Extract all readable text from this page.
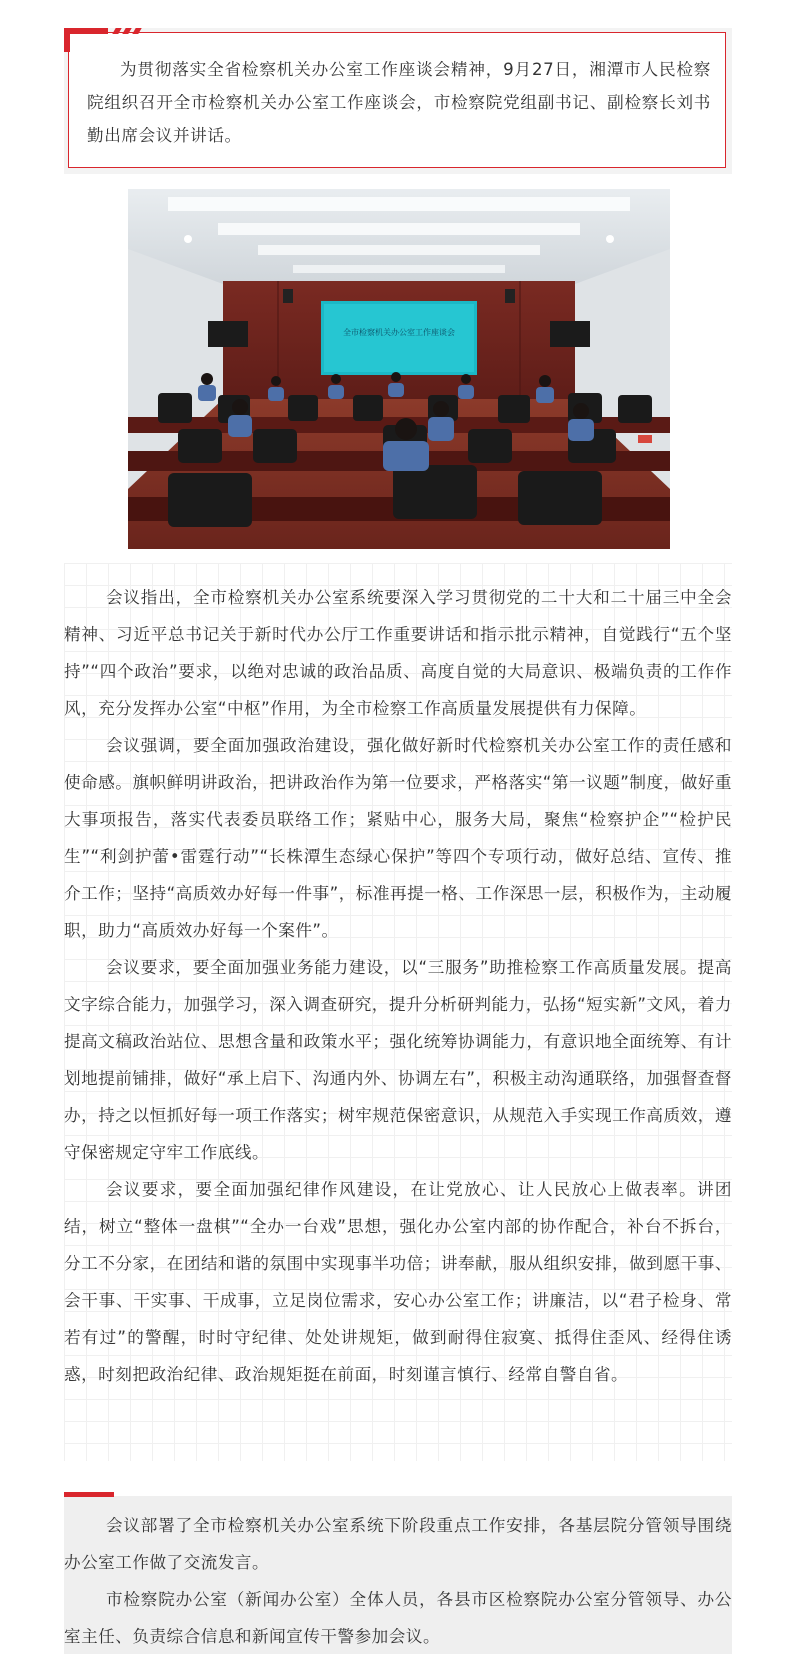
为贯彻落实全省检察机关办公室工作座谈会精神，9月27日，湘潭市人民检察院组织召开全市检察机关办公室工作座谈会，市检察院党组副书记、副检察长刘书勤出席会议并讲话。
全市检察机关办公室工作座谈会

会议指出，全市检察机关办公室系统要深入学习贯彻党的二十大和二十届三中全会精神、习近平总书记关于新时代办公厅工作重要讲话和指示批示精神，自觉践行“五个坚持”“四个政治”要求，以绝对忠诚的政治品质、高度自觉的大局意识、极端负责的工作作风，充分发挥办公室“中枢”作用，为全市检察工作高质量发展提供有力保障。

会议强调，要全面加强政治建设，强化做好新时代检察机关办公室工作的责任感和使命感。旗帜鲜明讲政治，把讲政治作为第一位要求，严格落实“第一议题”制度，做好重大事项报告，落实代表委员联络工作；紧贴中心，服务大局，聚焦“检察护企”“检护民生”“利剑护蕾•雷霆行动”“长株潭生态绿心保护”等四个专项行动，做好总结、宣传、推介工作；坚持“高质效办好每一件事”，标准再提一格、工作深思一层，积极作为，主动履职，助力“高质效办好每一个案件”。

会议要求，要全面加强业务能力建设，以“三服务”助推检察工作高质量发展。提高文字综合能力，加强学习，深入调查研究，提升分析研判能力，弘扬“短实新”文风，着力提高文稿政治站位、思想含量和政策水平；强化统筹协调能力，有意识地全面统筹、有计划地提前铺排，做好“承上启下、沟通内外、协调左右”，积极主动沟通联络，加强督查督办，持之以恒抓好每一项工作落实；树牢规范保密意识，从规范入手实现工作高质效，遵守保密规定守牢工作底线。

会议要求，要全面加强纪律作风建设，在让党放心、让人民放心上做表率。讲团结，树立“整体一盘棋”“全办一台戏”思想，强化办公室内部的协作配合，补台不拆台，分工不分家，在团结和谐的氛围中实现事半功倍；讲奉献，服从组织安排，做到愿干事、会干事、干实事、干成事，立足岗位需求，安心办公室工作；讲廉洁，以“君子检身、常若有过”的警醒，时时守纪律、处处讲规矩，做到耐得住寂寞、抵得住歪风、经得住诱惑，时刻把政治纪律、政治规矩挺在前面，时刻谨言慎行、经常自警自省。

会议部署了全市检察机关办公室系统下阶段重点工作安排，各基层院分管领导围绕办公室工作做了交流发言。

市检察院办公室（新闻办公室）全体人员，各县市区检察院办公室分管领导、办公室主任、负责综合信息和新闻宣传干警参加会议。
